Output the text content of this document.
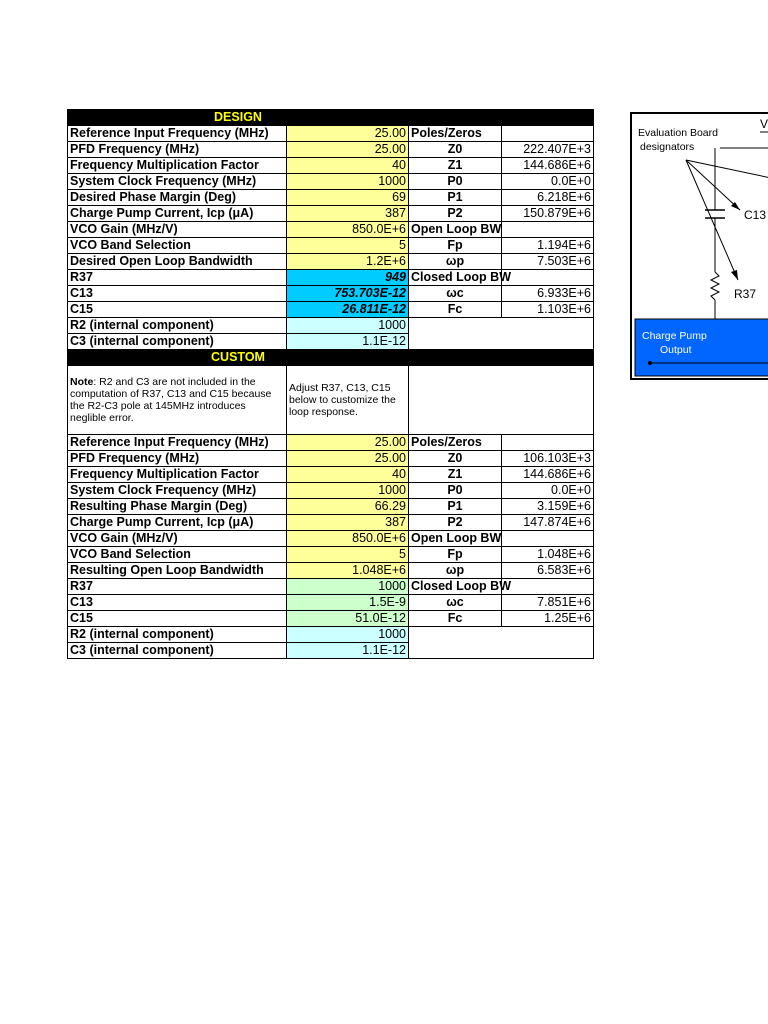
DESIGN			
Reference Input Frequency (MHz)	25.00	Poles/Zeros	
PFD Frequency (MHz)	25.00	Z0	222.407E+3
Frequency Multiplication Factor	40	Z1	144.686E+6
System Clock Frequency (MHz)	1000	P0	0.0E+0
Desired Phase Margin (Deg)	69	P1	6.218E+6
Charge Pump Current, Icp (μA)	387	P2	150.879E+6
VCO Gain (MHz/V)	850.0E+6	Open Loop BW	
VCO Band Selection	5	Fp	1.194E+6
Desired Open Loop Bandwidth	1.2E+6	ωp	7.503E+6
R37	949	Closed Loop BW	
C13	753.703E-12	ωc	6.933E+6
C15	26.811E-12	Fc	1.103E+6
R2 (internal component)	1000		
C3 (internal component)	1.1E-12		
CUSTOM			
Note: R2 and C3 are not included in the computation of R37, C13 and C15 because the R2-C3 pole at 145MHz introduces neglible error.	Adjust R37, C13, C15 below to customize the loop response.		
Reference Input Frequency (MHz)	25.00	Poles/Zeros	
PFD Frequency (MHz)	25.00	Z0	106.103E+3
Frequency Multiplication Factor	40	Z1	144.686E+6
System Clock Frequency (MHz)	1000	P0	0.0E+0
Resulting Phase Margin (Deg)	66.29	P1	3.159E+6
Charge Pump Current, Icp (μA)	387	P2	147.874E+6
VCO Gain (MHz/V)	850.0E+6	Open Loop BW	
VCO Band Selection	5	Fp	1.048E+6
Resulting Open Loop Bandwidth	1.048E+6	ωp	6.583E+6
R37	1000	Closed Loop BW	
C13	1.5E-9	ωc	7.851E+6
C15	51.0E-12	Fc	1.25E+6
R2 (internal component)	1000		
C3 (internal component)	1.1E-12		
Evaluation Board
designators
V
C13
R37
Charge Pump
Output
